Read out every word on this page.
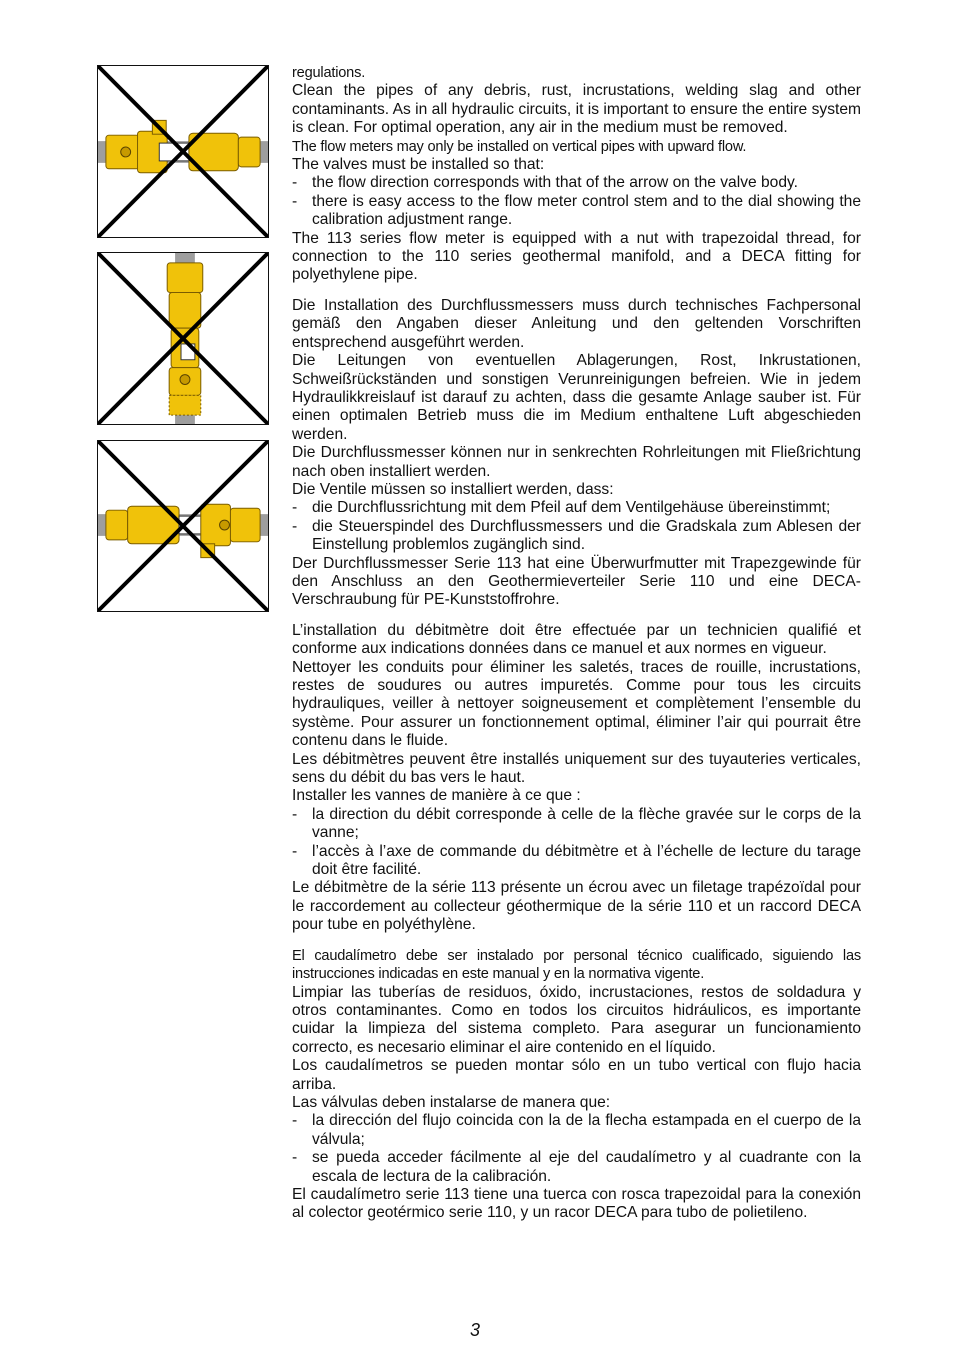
regulations.

Clean the pipes of any debris, rust, incrustations, welding slag and other contaminants. As in all hydraulic circuits, it is important to ensure the entire system is clean. For optimal operation, any air in the medium must be removed.

The flow meters may only be installed on vertical pipes with upward flow.

The valves must be installed so that:

- the flow direction corresponds with that of the arrow on the valve body.

- there is easy access to the flow meter control stem and to the dial showing the calibration adjustment range.

The 113 series flow meter is equipped with a nut with trapezoidal thread, for connection to the 110 series geothermal manifold, and a DECA fitting for polyethylene pipe.

Die Installation des Durchflussmessers muss durch technisches Fachpersonal gemäß den Angaben dieser Anleitung und den geltenden Vorschriften entsprechend ausgeführt werden.

Die Leitungen von eventuellen Ablagerungen, Rost, Inkrustationen, Schweißrückständen und sonstigen Verunreinigungen befreien. Wie in jedem Hydraulikkreislauf ist darauf zu achten, dass die gesamte Anlage sauber ist. Für einen optimalen Betrieb muss die im Medium enthaltene Luft abgeschieden werden.

Die Durchflussmesser können nur in senkrechten Rohrleitungen mit Fließrichtung nach oben installiert werden.

Die Ventile müssen so installiert werden, dass:

- die Durchflussrichtung mit dem Pfeil auf dem Ventilgehäuse übereinstimmt;

- die Steuerspindel des Durchflussmessers und die Gradskala zum Ablesen der Einstellung problemlos zugänglich sind.

Der Durchflussmesser Serie 113 hat eine Überwurfmutter mit Trapezgewinde für den Anschluss an den Geothermieverteiler Serie 110 und eine DECA-Verschraubung für PE-Kunststoffrohre.

L’installation du débitmètre doit être effectuée par un technicien qualifié et conforme aux indications données dans ce manuel et aux normes en vigueur.

Nettoyer les conduits pour éliminer les saletés, traces de rouille, incrustations, restes de soudures ou autres impuretés. Comme pour tous les circuits hydrauliques, veiller à nettoyer soigneusement et complètement l’ensemble du système. Pour assurer un fonctionnement optimal, éliminer l’air qui pourrait être contenu dans le fluide.

Les débitmètres peuvent être installés uniquement sur des tuyauteries verticales, sens du débit du bas vers le haut.

Installer les vannes de manière à ce que :

- la direction du débit corresponde à celle de la flèche gravée sur le corps de la vanne;

- l’accès à l’axe de commande du débitmètre et à l’échelle de lecture du tarage doit être facilité.

Le débitmètre de la série 113 présente un écrou avec un filetage trapézoïdal pour le raccordement au collecteur géothermique de la série 110 et un raccord DECA pour tube en polyéthylène.

El caudalímetro debe ser instalado por personal técnico cualificado, siguiendo las instrucciones indicadas en este manual y en la normativa vigente.

Limpiar las tuberías de residuos, óxido, incrustaciones, restos de soldadura y otros contaminantes. Como en todos los circuitos hidráulicos, es importante cuidar la limpieza del sistema completo. Para asegurar un funcionamiento correcto, es necesario eliminar el aire contenido en el líquido.

Los caudalímetros se pueden montar sólo en un tubo vertical con flujo hacia arriba.

Las válvulas deben instalarse de manera que:

- la dirección del flujo coincida con la de la flecha estampada en el cuerpo de la válvula;

- se pueda acceder fácilmente al eje del caudalímetro y al cuadrante con la escala de lectura de la calibración.

El caudalímetro serie 113 tiene una tuerca con rosca trapezoidal para la conexión al colector geotérmico serie 110, y un racor DECA para tubo de polietileno.

3
